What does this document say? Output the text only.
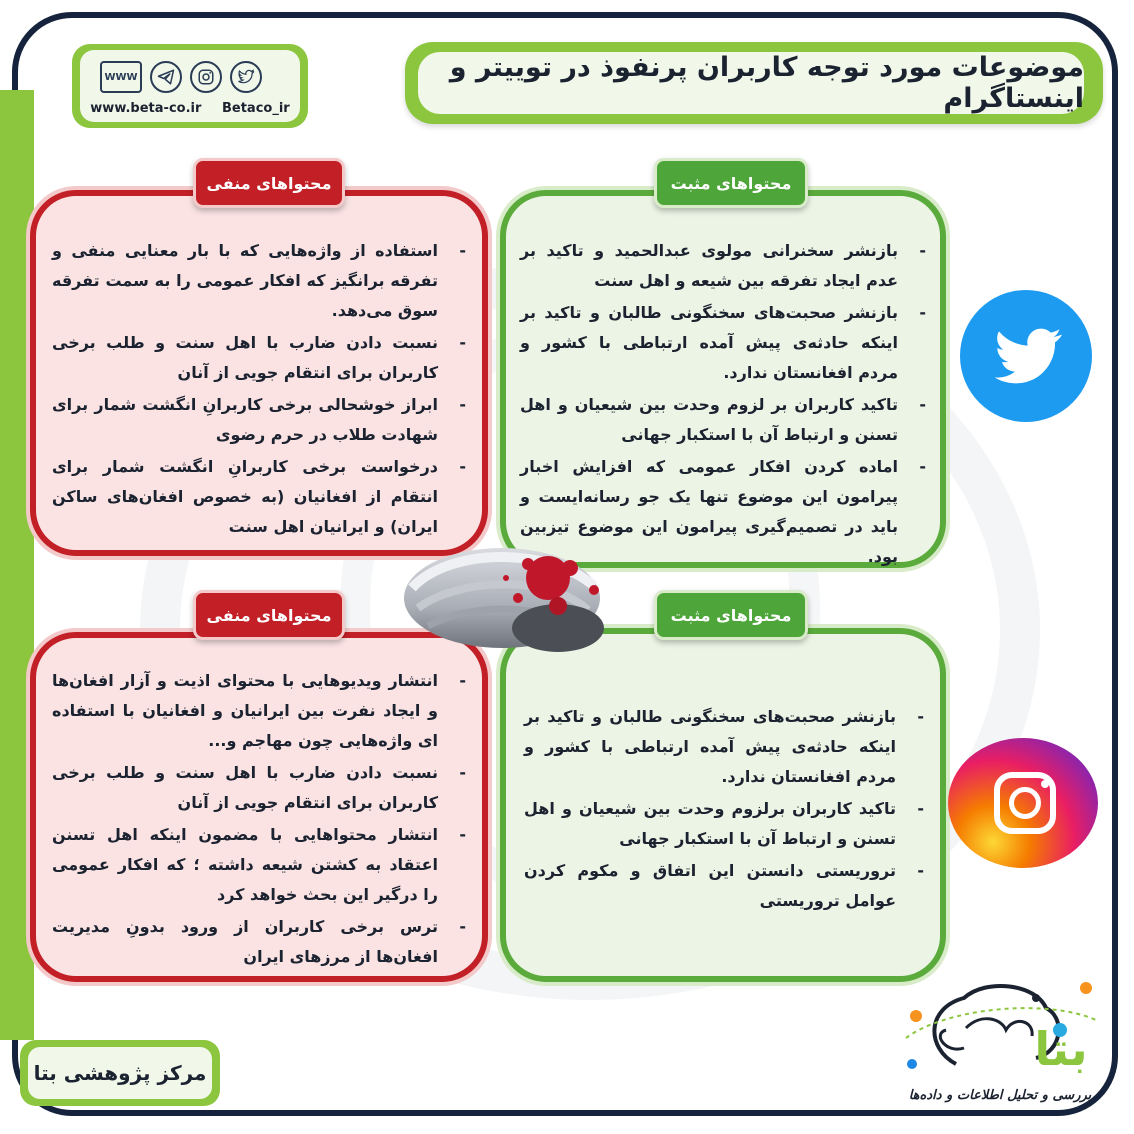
موضوعات مورد توجه کاربران پرنفوذ در توییتر و اینستاگرام
WWW
www.beta-co.ir Betaco_ir
محتواهای منفی
- استفاده از واژه‌هایی که با بار معنایی منفی و تفرقه برانگیز که افکار عمومی را به سمت تفرقه سوق می‌دهد.
- نسبت دادن ضارب با اهل سنت و طلب برخی کاربران برای انتقام جویی از آنان
- ابراز خوشحالی برخی کاربرانِ انگشت شمار برای شهادت طلاب در حرم رضوی
- درخواست برخی کاربرانِ انگشت شمار برای انتقام از افغانیان (به خصوص افغان‌های ساکن ایران) و ایرانیان اهل سنت
محتواهای مثبت
- بازنشر سخنرانی مولوی عبدالحمید و تاکید بر عدم ایجاد تفرقه بین شیعه و اهل سنت
- بازنشر صحبت‌های سخنگونی طالبان و تاکید بر اینکه حادثه‌ی پیش آمده ارتباطی با کشور و مردم افغانستان ندارد.
- تاکید کاربران بر لزوم وحدت بین شیعیان و اهل تسنن و ارتباط آن با استکبار جهانی
- اماده کردن افکار عمومی که افزایش اخبار پیرامون این موضوع تنها یک جو رسانه‌ایست و باید در تصمیم‌گیری پیرامون این موضوع تیزبین بود.
محتواهای منفی
- انتشار ویدیوهایی با محتوای اذیت و آزار افغان‌ها و ایجاد نفرت بین ایرانیان و افغانیان با استفاده ای واژه‌هایی چون مهاجم و...
- نسبت دادن ضارب با اهل سنت و طلب برخی کاربران برای انتقام جویی از آنان
- انتشار محتواهایی با مضمون اینکه اهل تسنن اعتقاد به کشتن شیعه داشته ؛ که افکار عمومی را درگیر این بحث خواهد کرد
- ترس برخی کاربران از ورود بدونِ مدیریت افغان‌ها از مرزهای ایران
محتواهای مثبت
- بازنشر صحبت‌های سخنگونی طالبان و تاکید بر اینکه حادثه‌ی پیش آمده ارتباطی با کشور و مردم افغانستان ندارد.
- تاکید کاربران برلزوم وحدت بین شیعیان و اهل تسنن و ارتباط آن با استکبار جهانی
- تروریستی دانستن این اتفاق و مکوم کردن عوامل تروریستی
مرکز پژوهشی بتا	بتا
بررسی و تحلیل اطلاعات و داده‌ها
